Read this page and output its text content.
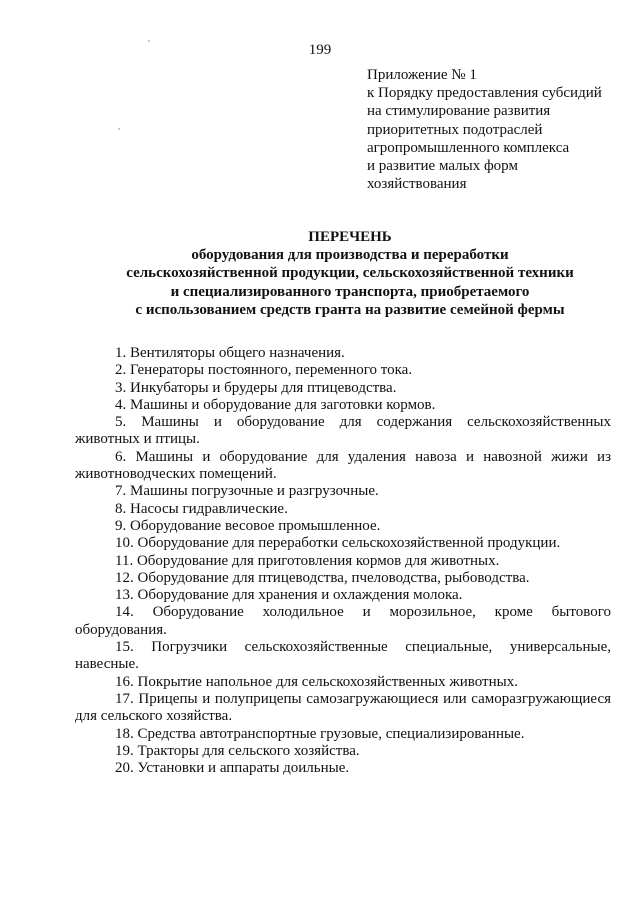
199
Приложение № 1
к Порядку предоставления субсидий
на стимулирование развития
приоритетных подотраслей
агропромышленного комплекса
и развитие малых форм
хозяйствования
ПЕРЕЧЕНЬ
оборудования для производства и переработки
сельскохозяйственной продукции, сельскохозяйственной техники
и специализированного транспорта, приобретаемого
с использованием средств гранта на развитие семейной фермы
1. Вентиляторы общего назначения.
2. Генераторы постоянного, переменного тока.
3. Инкубаторы и брудеры для птицеводства.
4. Машины и оборудование для заготовки кормов.
5. Машины и оборудование для содержания сельскохозяйственных животных и птицы.
6. Машины и оборудование для удаления навоза и навозной жижи из животноводческих помещений.
7. Машины погрузочные и разгрузочные.
8. Насосы гидравлические.
9. Оборудование весовое промышленное.
10. Оборудование для переработки сельскохозяйственной продукции.
11. Оборудование для приготовления кормов для животных.
12. Оборудование для птицеводства, пчеловодства, рыбоводства.
13. Оборудование для хранения и охлаждения молока.
14. Оборудование холодильное и морозильное, кроме бытового оборудования.
15. Погрузчики сельскохозяйственные специальные, универсальные, навесные.
16. Покрытие напольное для сельскохозяйственных животных.
17. Прицепы и полуприцепы самозагружающиеся или саморазгружающиеся для сельского хозяйства.
18. Средства автотранспортные грузовые, специализированные.
19. Тракторы для сельского хозяйства.
20. Установки и аппараты доильные.
